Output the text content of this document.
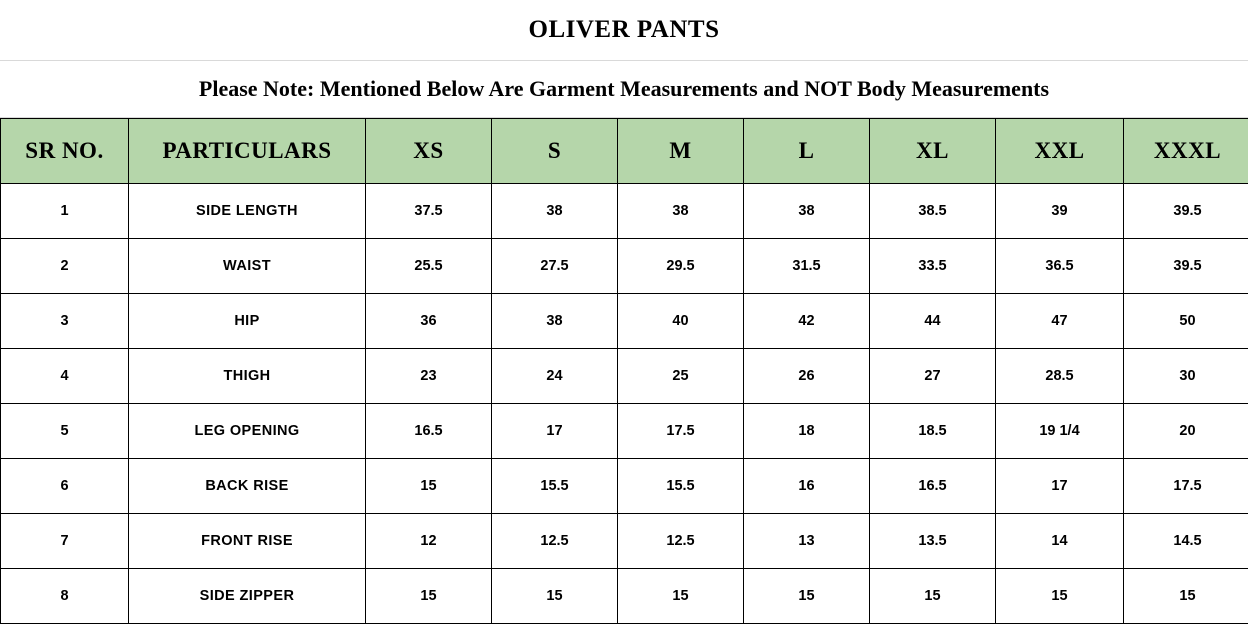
OLIVER PANTS
Please Note: Mentioned Below Are Garment Measurements and NOT Body Measurements
SR NO.	PARTICULARS	XS	S	M	L	XL	XXL	XXXL
1	SIDE LENGTH	37.5	38	38	38	38.5	39	39.5
2	WAIST	25.5	27.5	29.5	31.5	33.5	36.5	39.5
3	HIP	36	38	40	42	44	47	50
4	THIGH	23	24	25	26	27	28.5	30
5	LEG OPENING	16.5	17	17.5	18	18.5	19 1/4	20
6	BACK RISE	15	15.5	15.5	16	16.5	17	17.5
7	FRONT RISE	12	12.5	12.5	13	13.5	14	14.5
8	SIDE ZIPPER	15	15	15	15	15	15	15
